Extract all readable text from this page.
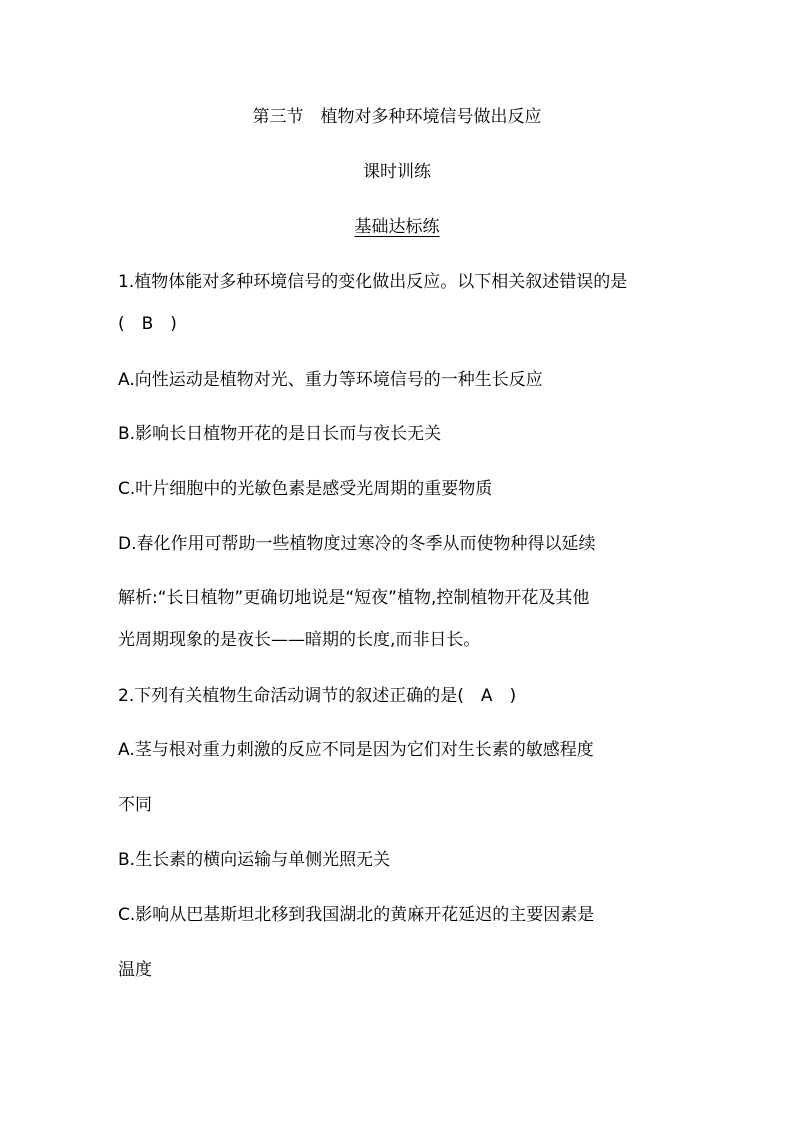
第三节　植物对多种环境信号做出反应

课时训练

基础达标练

1.植物体能对多种环境信号的变化做出反应。以下相关叙述错误的是

(　B　)

A.向性运动是植物对光、重力等环境信号的一种生长反应

B.影响长日植物开花的是日长而与夜长无关

C.叶片细胞中的光敏色素是感受光周期的重要物质

D.春化作用可帮助一些植物度过寒冷的冬季从而使物种得以延续

解析:“长日植物”更确切地说是“短夜”植物,控制植物开花及其他

光周期现象的是夜长——暗期的长度,而非日长。

2.下列有关植物生命活动调节的叙述正确的是(　A　)

A.茎与根对重力刺激的反应不同是因为它们对生长素的敏感程度

不同

B.生长素的横向运输与单侧光照无关

C.影响从巴基斯坦北移到我国湖北的黄麻开花延迟的主要因素是

温度
